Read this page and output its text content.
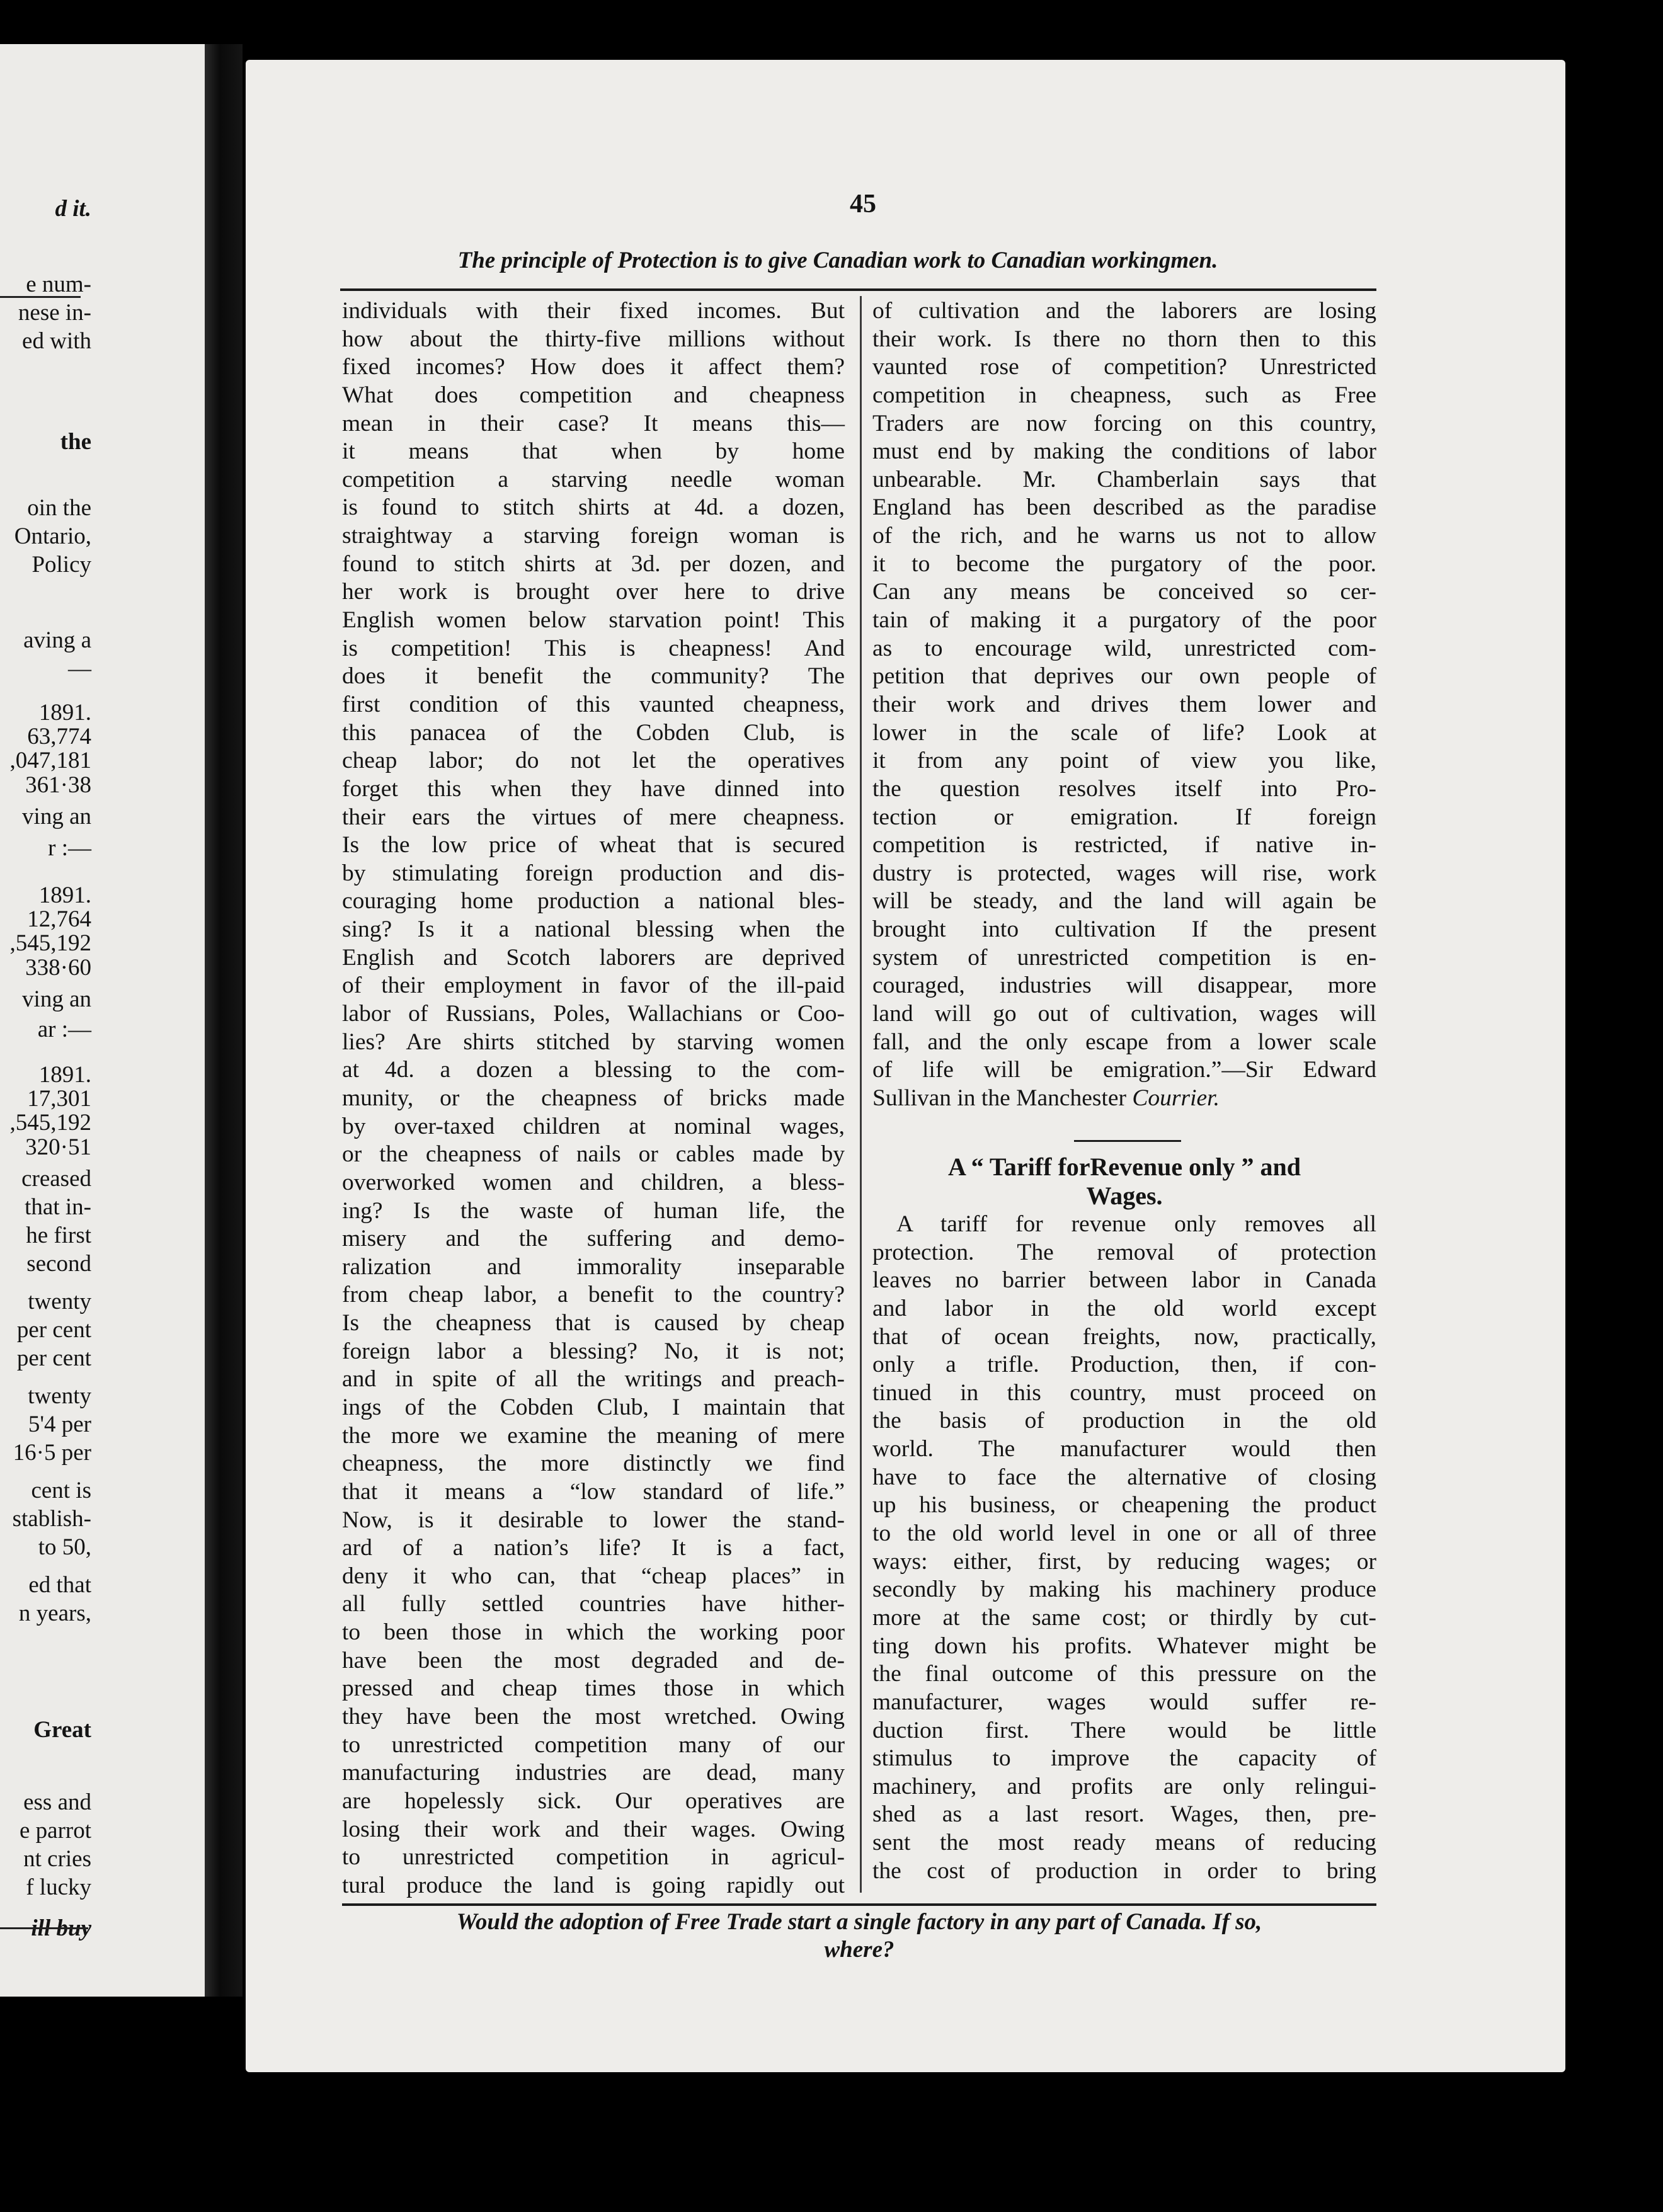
d it.
e num-
nese in-
ed with
the
oin the
Ontario,
Policy
aving a
—
1891.
63,774
,047,181
361·38
ving an
r :—
1891.
12,764
,545,192
338·60
ving an
ar :—
1891.
17,301
,545,192
320·51
creased
that in-
he first
second
twenty
per cent
per cent
twenty
5'4 per
16·5 per
cent is
stablish-
to 50,
ed that
n years,
Great
ess and
e parrot
nt cries
f lucky
ill buy
45
The principle of Protection is to give Canadian work to Canadian workingmen.
individuals with their fixed incomes. But
how about the thirty-five millions without
fixed incomes? How does it affect them?
What does competition and cheapness
mean in their case? It means this—
it means that when by home
competition a starving needle woman
is found to stitch shirts at 4d. a dozen,
straightway a starving foreign woman is
found to stitch shirts at 3d. per dozen, and
her work is brought over here to drive
English women below starvation point! This
is competition! This is cheapness! And
does it benefit the community? The
first condition of this vaunted cheapness,
this panacea of the Cobden Club, is
cheap labor; do not let the operatives
forget this when they have dinned into
their ears the virtues of mere cheapness.
Is the low price of wheat that is secured
by stimulating foreign production and dis-
couraging home production a national bles-
sing? Is it a national blessing when the
English and Scotch laborers are deprived
of their employment in favor of the ill-paid
labor of Russians, Poles, Wallachians or Coo-
lies? Are shirts stitched by starving women
at 4d. a dozen a blessing to the com-
munity, or the cheapness of bricks made
by over-taxed children at nominal wages,
or the cheapness of nails or cables made by
overworked women and children, a bless-
ing? Is the waste of human life, the
misery and the suffering and demo-
ralization and immorality inseparable
from cheap labor, a benefit to the country?
Is the cheapness that is caused by cheap
foreign labor a blessing? No, it is not;
and in spite of all the writings and preach-
ings of the Cobden Club, I maintain that
the more we examine the meaning of mere
cheapness, the more distinctly we find
that it means a “low standard of life.”
Now, is it desirable to lower the stand-
ard of a nation’s life? It is a fact,
deny it who can, that “cheap places” in
all fully settled countries have hither-
to been those in which the working poor
have been the most degraded and de-
pressed and cheap times those in which
they have been the most wretched. Owing
to unrestricted competition many of our
manufacturing industries are dead, many
are hopelessly sick. Our operatives are
losing their work and their wages. Owing
to unrestricted competition in agricul-
tural produce the land is going rapidly out
of cultivation and the laborers are losing
their work. Is there no thorn then to this
vaunted rose of competition? Unrestricted
competition in cheapness, such as Free
Traders are now forcing on this country,
must end by making the conditions of labor
unbearable. Mr. Chamberlain says that
England has been described as the paradise
of the rich, and he warns us not to allow
it to become the purgatory of the poor.
Can any means be conceived so cer-
tain of making it a purgatory of the poor
as to encourage wild, unrestricted com-
petition that deprives our own people of
their work and drives them lower and
lower in the scale of life? Look at
it from any point of view you like,
the question resolves itself into Pro-
tection or emigration. If foreign
competition is restricted, if native in-
dustry is protected, wages will rise, work
will be steady, and the land will again be
brought into cultivation If the present
system of unrestricted competition is en-
couraged, industries will disappear, more
land will go out of cultivation, wages will
fall, and the only escape from a lower scale
of life will be emigration.”—Sir Edward
Sullivan in the Manchester Courrier.
A “ Tariff forRevenue only ” and
Wages.
A tariff for revenue only removes all
protection. The removal of protection
leaves no barrier between labor in Canada
and labor in the old world except
that of ocean freights, now, practically,
only a trifle. Production, then, if con-
tinued in this country, must proceed on
the basis of production in the old
world. The manufacturer would then
have to face the alternative of closing
up his business, or cheapening the product
to the old world level in one or all of three
ways: either, first, by reducing wages; or
secondly by making his machinery produce
more at the same cost; or thirdly by cut-
ting down his profits. Whatever might be
the final outcome of this pressure on the
manufacturer, wages would suffer re-
duction first. There would be little
stimulus to improve the capacity of
machinery, and profits are only relingui-
shed as a last resort. Wages, then, pre-
sent the most ready means of reducing
the cost of production in order to bring
Would the adoption of Free Trade start a single factory in any part of Canada. If so,
where?
